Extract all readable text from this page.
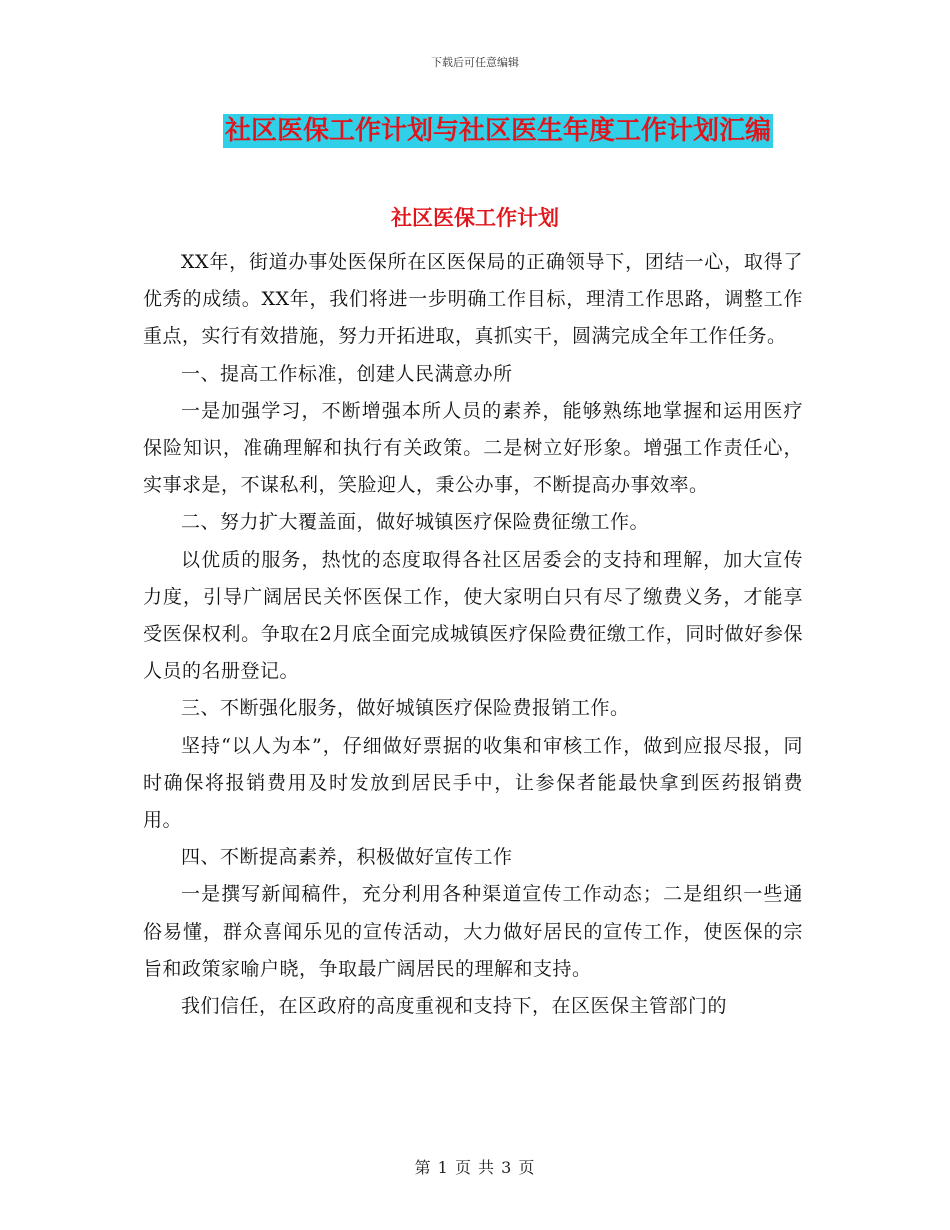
下载后可任意编辑
社区医保工作计划与社区医生年度工作计划汇编
社区医保工作计划

XX年，街道办事处医保所在区医保局的正确领导下，团结一心，取得了优秀的成绩。XX年，我们将进一步明确工作目标，理清工作思路，调整工作重点，实行有效措施，努力开拓进取，真抓实干，圆满完成全年工作任务。

一、提高工作标准，创建人民满意办所

一是加强学习，不断增强本所人员的素养，能够熟练地掌握和运用医疗保险知识，准确理解和执行有关政策。二是树立好形象。增强工作责任心，实事求是，不谋私利，笑脸迎人，秉公办事，不断提高办事效率。

二、努力扩大覆盖面，做好城镇医疗保险费征缴工作。

以优质的服务，热忱的态度取得各社区居委会的支持和理解，加大宣传力度，引导广阔居民关怀医保工作，使大家明白只有尽了缴费义务，才能享受医保权利。争取在2月底全面完成城镇医疗保险费征缴工作，同时做好参保人员的名册登记。

三、不断强化服务，做好城镇医疗保险费报销工作。

坚持“以人为本”，仔细做好票据的收集和审核工作，做到应报尽报，同时确保将报销费用及时发放到居民手中，让参保者能最快拿到医药报销费用。

四、不断提高素养，积极做好宣传工作

一是撰写新闻稿件，充分利用各种渠道宣传工作动态；二是组织一些通俗易懂，群众喜闻乐见的宣传活动，大力做好居民的宣传工作，使医保的宗旨和政策家喻户晓，争取最广阔居民的理解和支持。

我们信任，在区政府的高度重视和支持下，在区医保主管部门的

第 1 页 共 3 页
